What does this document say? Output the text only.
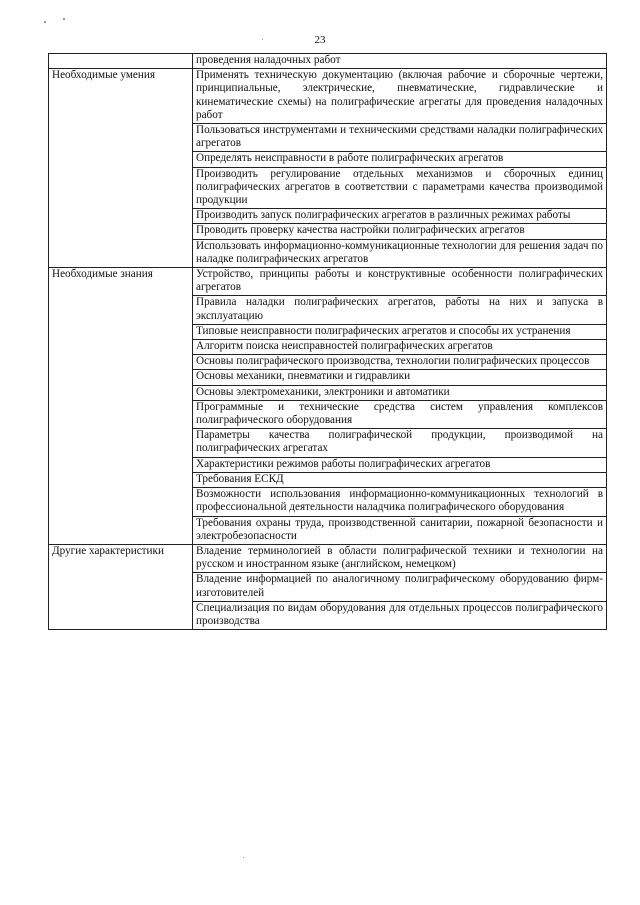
23
	проведения наладочных работ
Необходимые умения	Применять техническую документацию (включая рабочие и сборочные чертежи, принципиальные, электрические, пневматические, гидравлические и кинематические схемы) на полиграфические агрегаты для проведения наладочных работ
	Пользоваться инструментами и техническими средствами наладки полиграфических агрегатов
	Определять неисправности в работе полиграфических агрегатов
	Производить регулирование отдельных механизмов и сборочных единиц полиграфических агрегатов в соответствии с параметрами качества производимой продукции
	Производить запуск полиграфических агрегатов в различных режимах работы
	Проводить проверку качества настройки полиграфических агрегатов
	Использовать информационно-коммуникационные технологии для решения задач по наладке полиграфических агрегатов
Необходимые знания	Устройство, принципы работы и конструктивные особенности полиграфических агрегатов
	Правила наладки полиграфических агрегатов, работы на них и запуска в эксплуатацию
	Типовые неисправности полиграфических агрегатов и способы их устранения
	Алгоритм поиска неисправностей полиграфических агрегатов
	Основы полиграфического производства, технологии полиграфических процессов
	Основы механики, пневматики и гидравлики
	Основы электромеханики, электроники и автоматики
	Программные и технические средства систем управления комплексов полиграфического оборудования
	Параметры качества полиграфической продукции, производимой на полиграфических агрегатах
	Характеристики режимов работы полиграфических агрегатов
	Требования ЕСКД
	Возможности использования информационно-коммуникационных технологий в профессиональной деятельности наладчика полиграфического оборудования
	Требования охраны труда, производственной санитарии, пожарной безопасности и электробезопасности
Другие характеристики	Владение терминологией в области полиграфической техники и технологии на русском и иностранном языке (английском, немецком)
	Владение информацией по аналогичному полиграфическому оборудованию фирм-изготовителей
	Специализация по видам оборудования для отдельных процессов полиграфического производства
